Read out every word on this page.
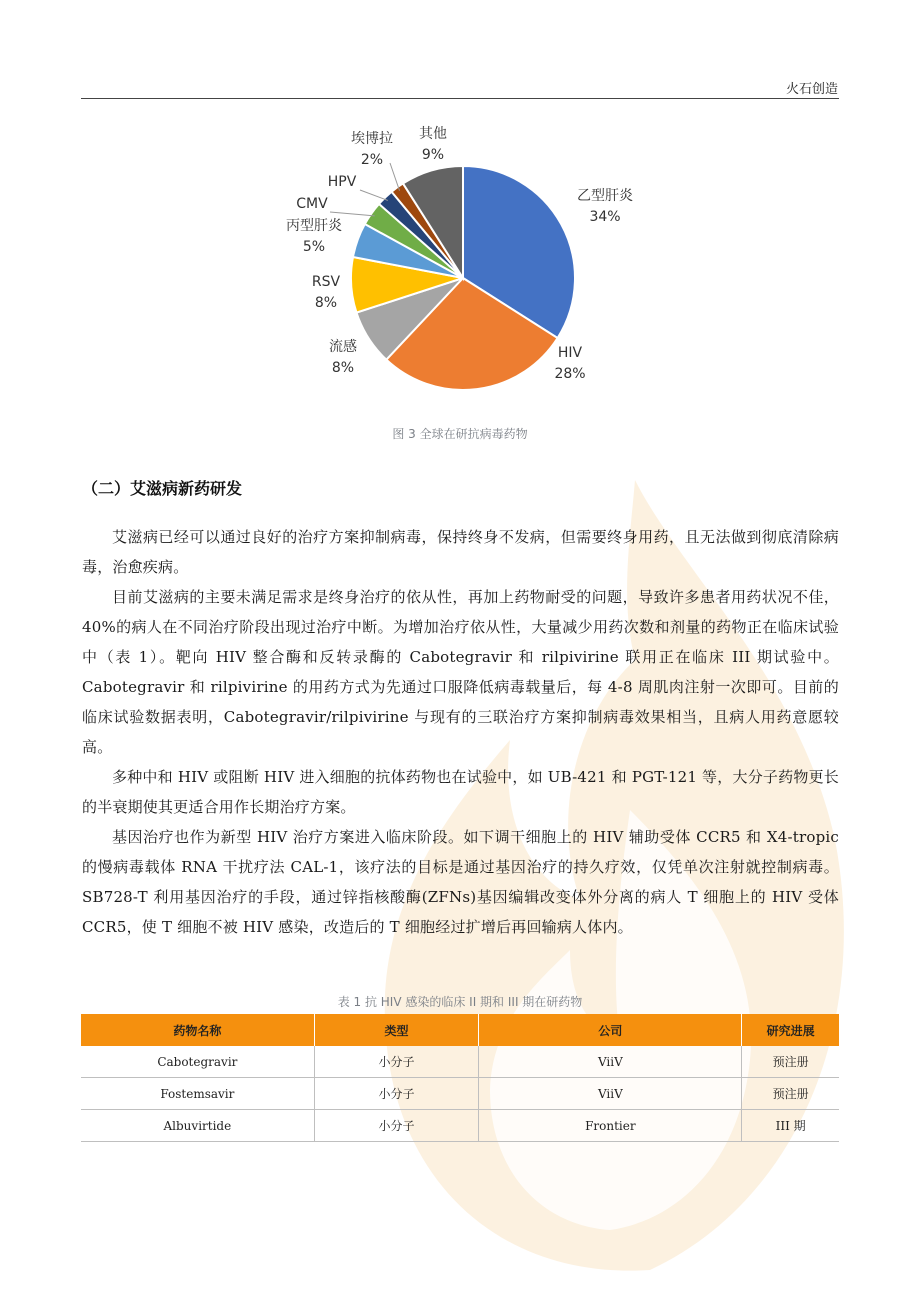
火石创造
乙型肝炎
34%
HIV
28%
流感
8%
RSV
8%
丙型肝炎
5%
CMV
HPV
埃博拉
2%
其他
9%
图 3 全球在研抗病毒药物
（二）艾滋病新药研发

艾滋病已经可以通过良好的治疗方案抑制病毒，保持终身不发病，但需要终身用药，且无法做到彻底清除病毒，治愈疾病。

目前艾滋病的主要未满足需求是终身治疗的依从性，再加上药物耐受的问题，导致许多患者用药状况不佳，40%的病人在不同治疗阶段出现过治疗中断。为增加治疗依从性，大量减少用药次数和剂量的药物正在临床试验中（表 1）。靶向 HIV 整合酶和反转录酶的 Cabotegravir 和 rilpivirine 联用正在临床 III 期试验中。Cabotegravir 和 rilpivirine 的用药方式为先通过口服降低病毒载量后，每 4-8 周肌肉注射一次即可。目前的临床试验数据表明，Cabotegravir/rilpivirine 与现有的三联治疗方案抑制病毒效果相当，且病人用药意愿较高。

多种中和 HIV 或阻断 HIV 进入细胞的抗体药物也在试验中，如 UB-421 和 PGT-121 等，大分子药物更长的半衰期使其更适合用作长期治疗方案。

基因治疗也作为新型 HIV 治疗方案进入临床阶段。如下调干细胞上的 HIV 辅助受体 CCR5 和 X4-tropic 的慢病毒载体 RNA 干扰疗法 CAL-1，该疗法的目标是通过基因治疗的持久疗效，仅凭单次注射就控制病毒。SB728-T 利用基因治疗的手段，通过锌指核酸酶(ZFNs)基因编辑改变体外分离的病人 T 细胞上的 HIV 受体 CCR5，使 T 细胞不被 HIV 感染，改造后的 T 细胞经过扩增后再回输病人体内。

表 1 抗 HIV 感染的临床 II 期和 III 期在研药物
药物名称	类型	公司	研究进展
Cabotegravir	小分子	ViiV	预注册
Fostemsavir	小分子	ViiV	预注册
Albuvirtide	小分子	Frontier	III 期
